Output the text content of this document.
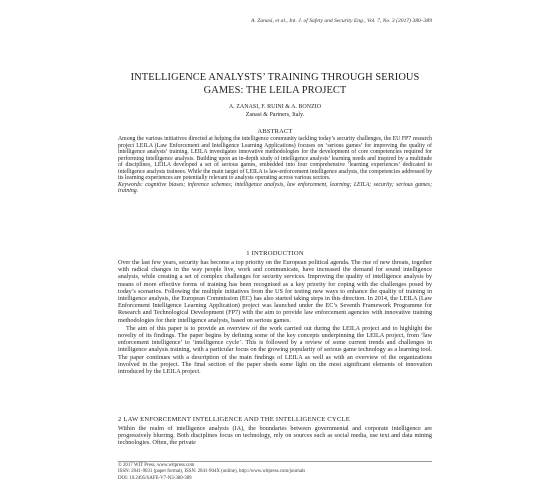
A. Zanasi, et al., Int. J. of Safety and Security Eng., Vol. 7, No. 3 (2017) 380–389
INTELLIGENCE ANALYSTS’ TRAINING THROUGH SERIOUS GAMES: THE LEILA PROJECT
A. ZANASI, F. RUINI & A. BONZIO
Zanasi & Partners, Italy.
ABSTRACT
Among the various initiatives directed at helping the intelligence community tackling today’s security challenges, the EU FP7 research project LEILA (Law Enforcement and Intelligence Learning Applications) focuses on ‘serious games’ for improving the quality of intelligence analysts’ training. LEILA investigates innovative methodologies for the development of core competencies required for performing intelligence analysis. Building upon an in-depth study of intelligence analysts’ learning needs and inspired by a multitude of disciplines, LEILA developed a set of serious games, embedded into four comprehensive ‘learning experiences’ dedicated to intelligence analysts trainees. While the main target of LEILA is law-enforcement intelligence analysts, the competencies addressed by its learning experiences are potentially relevant to analysts operating across various sectors.
Keywords: cognitive biases; inference schemes; intelligence analysis, law enforcement, learning; LEILA; security; serious games; training.
1 INTRODUCTION

Over the last few years, security has become a top priority on the European political agenda. The rise of new threats, together with radical changes in the way people live, work and communicate, have increased the demand for sound intelligence analysis, while creating a set of complex challenges for security services. Improving the quality of intelligence analysis by means of more effective forms of training has been recognised as a key priority for coping with the challenges posed by today’s scenarios. Following the multiple initiatives from the US for testing new ways to enhance the quality of training in intelligence analysis, the European Commission (EC) has also started taking steps in this direction. In 2014, the LEILA (Law Enforcement Intelligence Learning Application) project was launched under the EC’s Seventh Framework Programme for Research and Technological Development (FP7) with the aim to provide law enforcement agencies with innovative training methodologies for their intelligence analysts, based on serious games.

The aim of this paper is to provide an overview of the work carried out during the LEILA project and to highlight the novelty of its findings. The paper begins by defining some of the key concepts underpinning the LEILA project, from ‘law enforcement intelligence’ to ‘intelligence cycle’. This is followed by a review of some current trends and challenges in intelligence analysis training, with a particular focus on the growing popularity of serious game technology as a learning tool. The paper continues with a description of the main findings of LEILA as well as with an overview of the organizations involved in the project. The final section of the paper sheds some light on the most significant elements of innovation introduced by the LEILA project.

2 LAW ENFORCEMENT INTELLIGENCE AND THE INTELLIGENCE CYCLE

Within the realm of intelligence analysis (IA), the boundaries between governmental and corporate intelligence are progressively blurring. Both disciplines focus on technology, rely on sources such as social media, use text and data mining technologies. Often, the private

© 2017 WIT Press, www.witpress.com
ISSN: 2041-9031 (paper format), ISSN: 2041-904X (online), http://www.witpress.com/journals
DOI: 10.2495/SAFE-V7-N3-380-389
